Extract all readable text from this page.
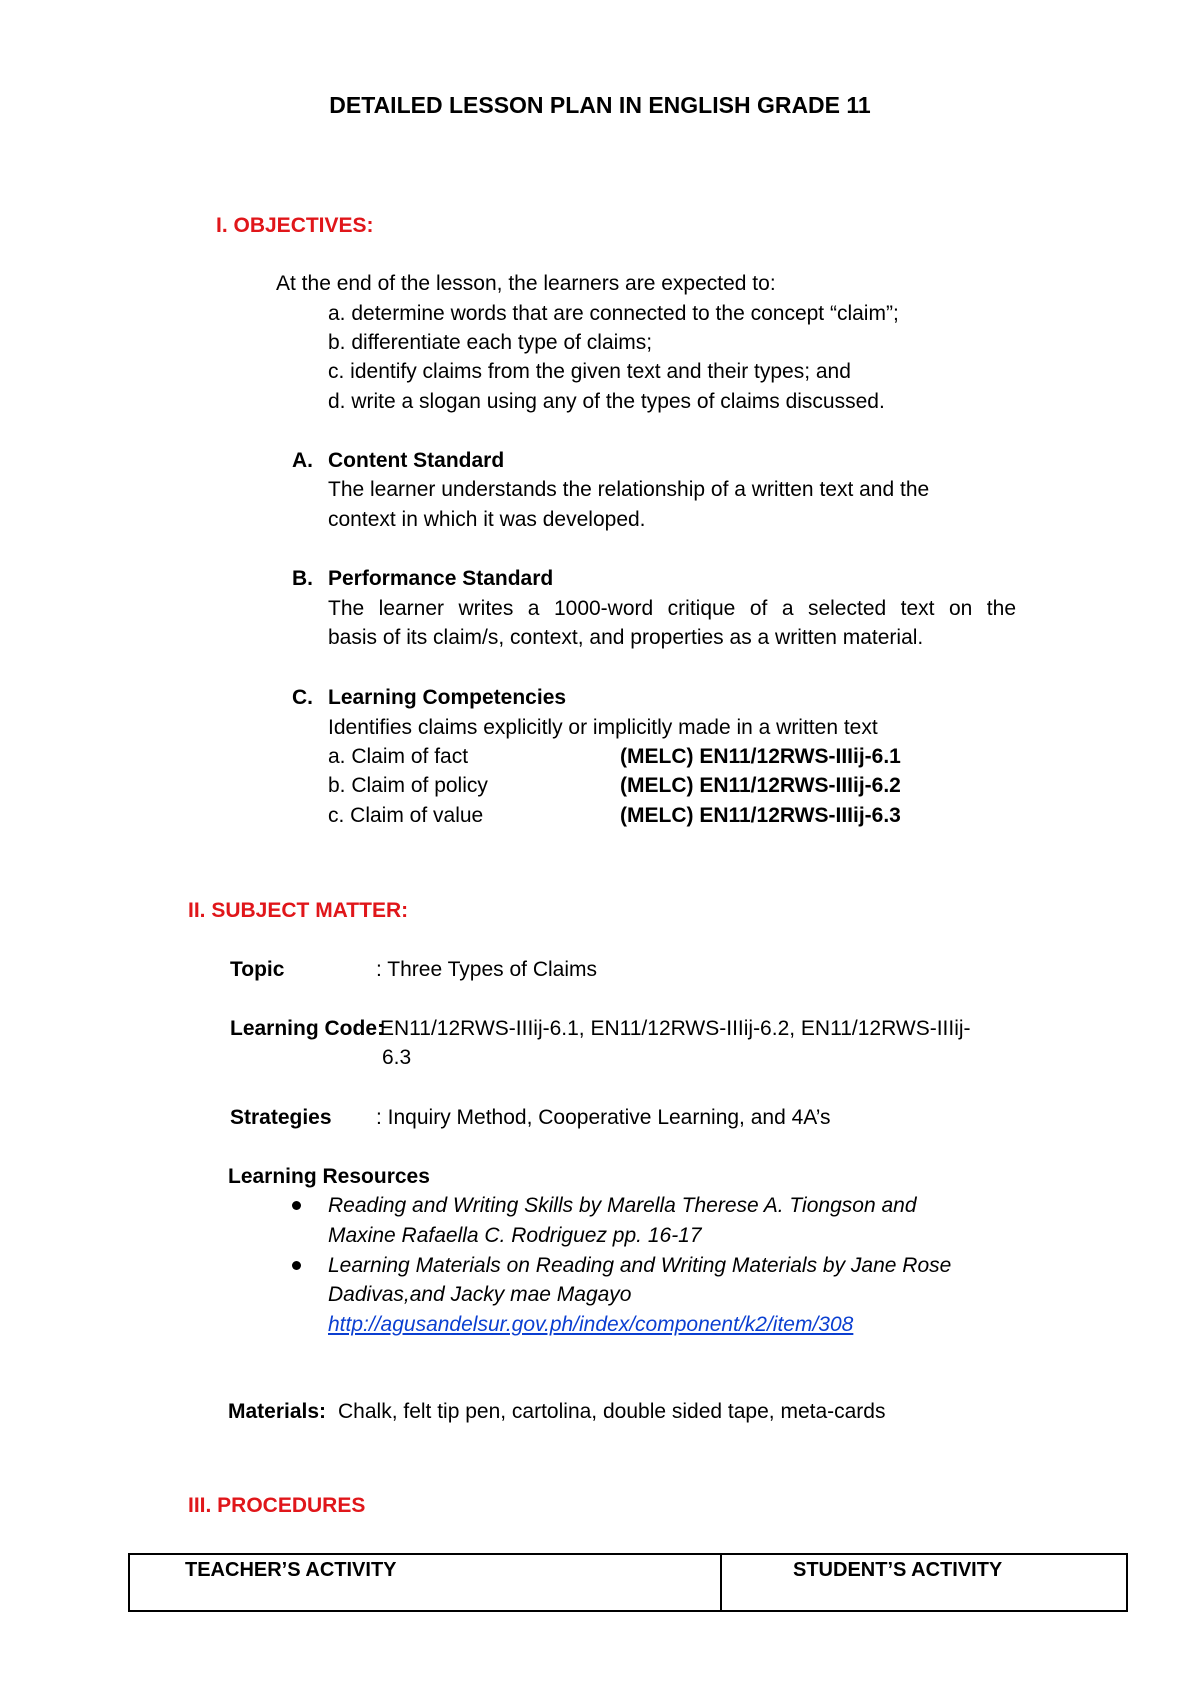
DETAILED LESSON PLAN IN ENGLISH GRADE 11
I. OBJECTIVES:
At the end of the lesson, the learners are expected to:
a. determine words that are connected to the concept “claim”;
b. differentiate each type of claims;
c. identify claims from the given text and their types; and
d. write a slogan using any of the types of claims discussed.
A. Content Standard
The learner understands the relationship of a written text and the
context in which it was developed.
B. Performance Standard
The learner writes a 1000-word critique of a selected text on the
basis of its claim/s, context, and properties as a written material.
C. Learning Competencies
Identifies claims explicitly or implicitly made in a written text
a. Claim of fact	(MELC) EN11/12RWS-IIIij-6.1
b. Claim of policy	(MELC) EN11/12RWS-IIIij-6.2
c. Claim of value	(MELC) EN11/12RWS-IIIij-6.3
II. SUBJECT MATTER:
Topic	: Three Types of Claims
Learning Code:
EN11/12RWS-IIIij-6.1, EN11/12RWS-IIIij-6.2, EN11/12RWS-IIIij-
6.3
Strategies : Inquiry Method, Cooperative Learning, and 4A’s
Learning Resources
Reading and Writing Skills by Marella Therese A. Tiongson and
Maxine Rafaella C. Rodriguez pp. 16-17
Learning Materials on Reading and Writing Materials by Jane Rose
Dadivas,and Jacky mae Magayo
http://agusandelsur.gov.ph/index/component/k2/item/308
Materials: Chalk, felt tip pen, cartolina, double sided tape, meta-cards
III. PROCEDURES
TEACHER’S ACTIVITY	STUDENT’S ACTIVITY
